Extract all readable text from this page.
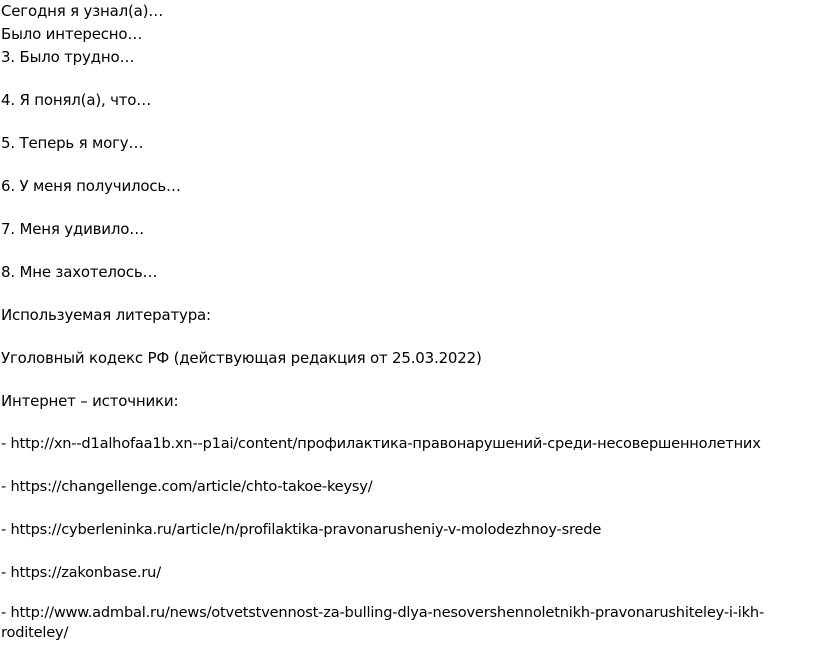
Сегодня я узнал(а)…
Было интересно…
3. Было трудно…
4. Я понял(а), что…
5. Теперь я могу…
6. У меня получилось…
7. Меня удивило…
8. Мне захотелось…
Используемая литература:
Уголовный кодекс РФ (действующая редакция от 25.03.2022)
Интернет – источники:
- http://xn--d1alhofaa1b.xn--p1ai/content/профилактика-правонарушений-среди-несовершеннолетних
- https://changellenge.com/article/chto-takoe-keysy/
- https://cyberleninka.ru/article/n/profilaktika-pravonarusheniy-v-molodezhnoy-srede
- https://zakonbase.ru/
- http://www.admbal.ru/news/otvetstvennost-za-bulling-dlya-nesovershennoletnikh-pravonarushiteley-i-ikh-roditeley/
